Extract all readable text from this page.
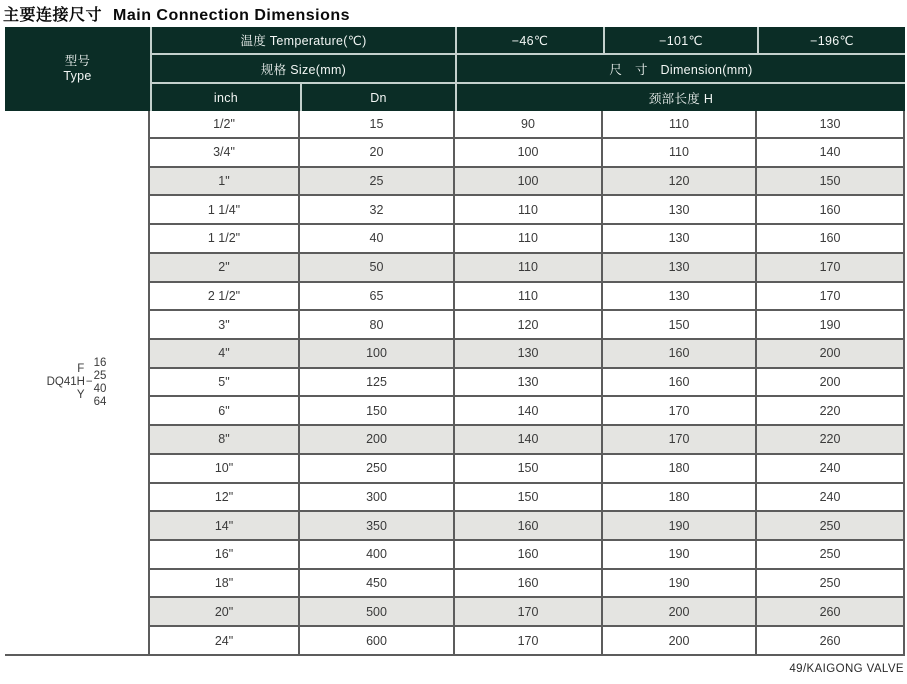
主要连接尺寸 Main Connection Dimensions
型号
Type
温度 Temperature(℃)	−46℃	−101℃	−196℃
规格 Size(mm)	尺　寸　Dimension(mm)
inch	Dn	颈部长度 H
DQ41
F
H
Y
−
16
25
40
64
1/2"	15	90	110	130
3/4"	20	100	110	140
1"	25	100	120	150
1 1/4"	32	110	130	160
1 1/2"	40	110	130	160
2"	50	110	130	170
2 1/2"	65	110	130	170
3"	80	120	150	190
4"	100	130	160	200
5"	125	130	160	200
6"	150	140	170	220
8"	200	140	170	220
10"	250	150	180	240
12"	300	150	180	240
14"	350	160	190	250
16"	400	160	190	250
18"	450	160	190	250
20"	500	170	200	260
24"	600	170	200	260
49/KAIGONG VALVE
